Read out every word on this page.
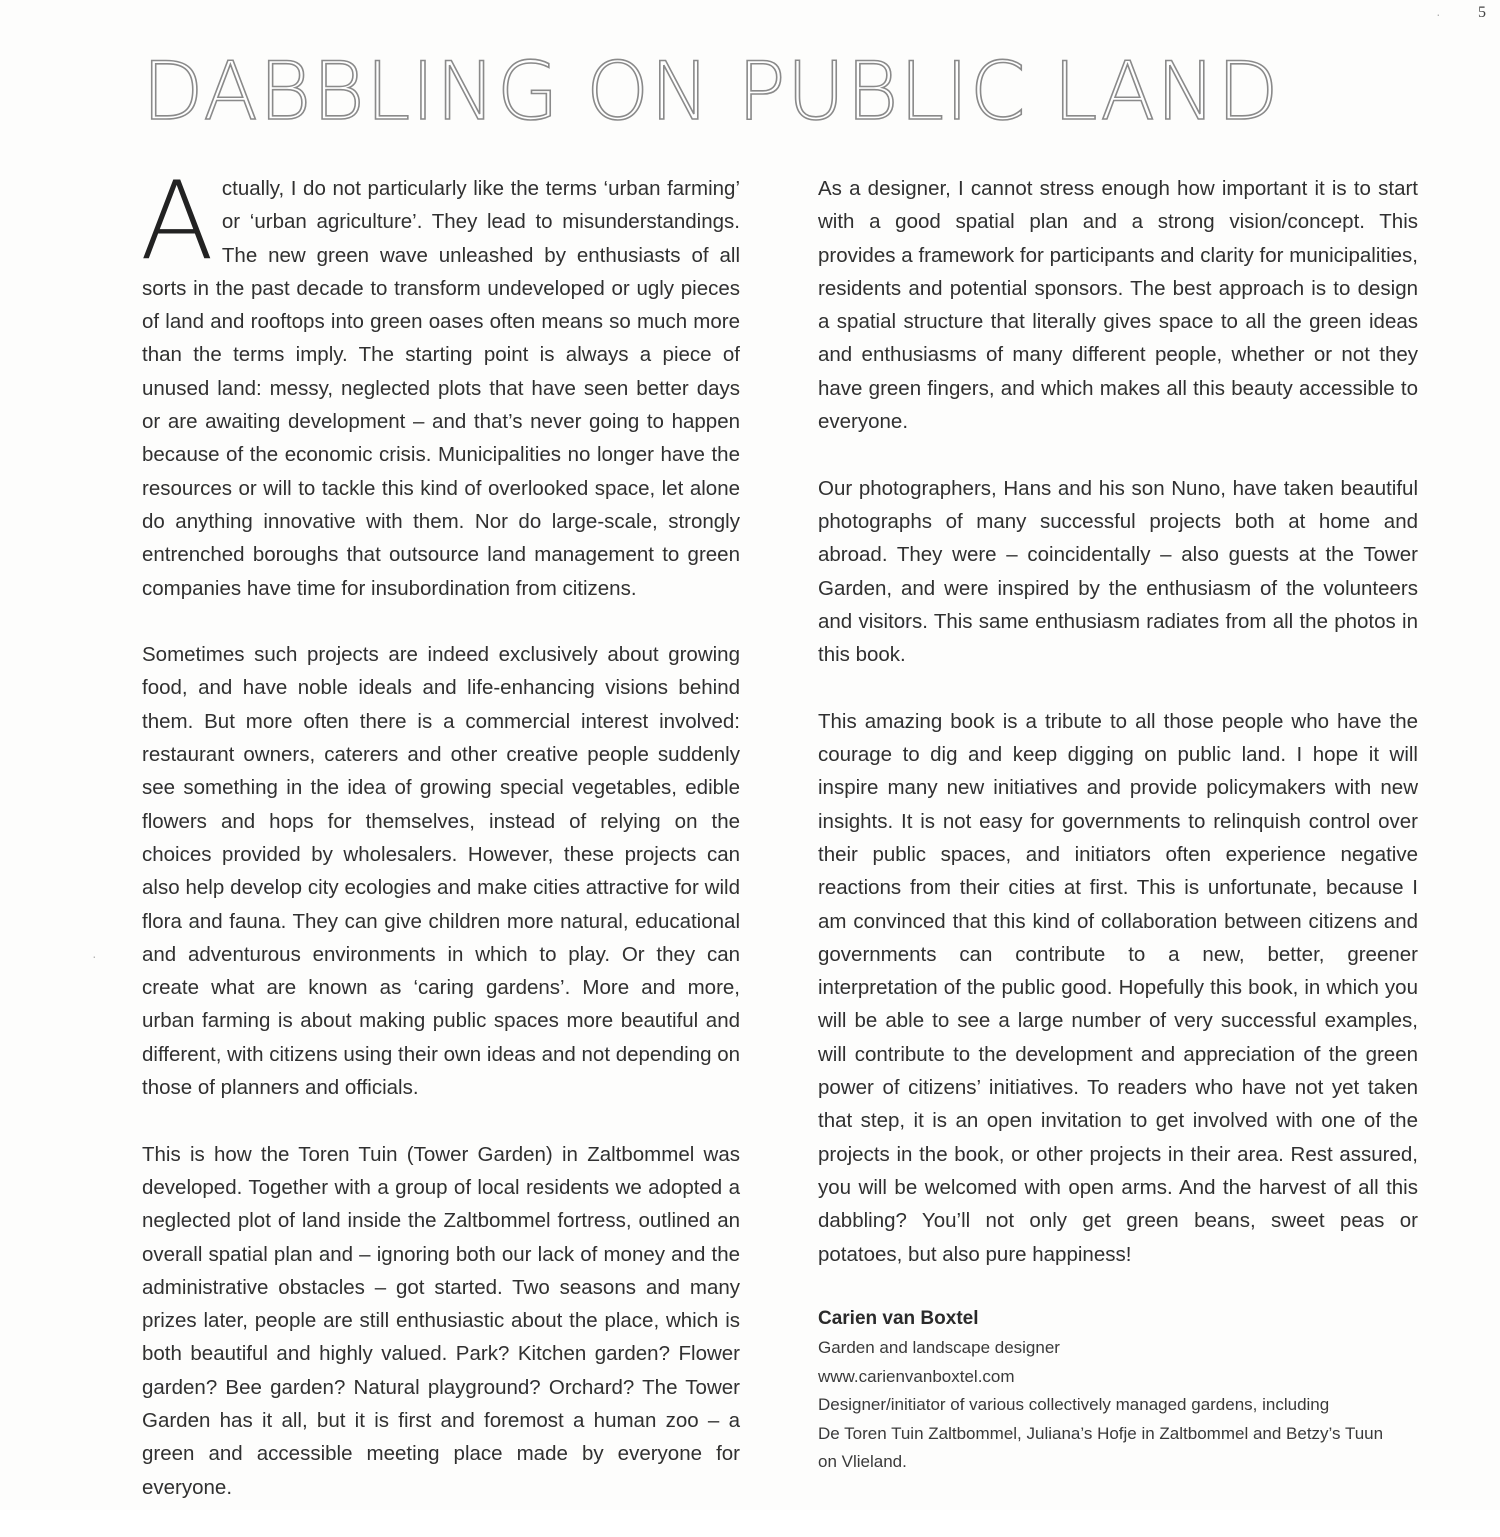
5
DABBLING ON PUBLIC LAND

Actually, I do not particularly like the terms ‘urban farming’ or ‘urban agriculture’. They lead to misunderstandings. The new green wave unleashed by enthusiasts of all sorts in the past decade to transform undeveloped or ugly pieces of land and rooftops into green oases often means so much more than the terms imply. The starting point is always a piece of unused land: messy, neglected plots that have seen better days or are awaiting development – and that’s never going to happen because of the economic crisis. Municipalities no longer have the resources or will to tackle this kind of overlooked space, let alone do anything innovative with them. Nor do large-scale, strongly entrenched boroughs that outsource land management to green companies have time for insubordination from citizens.

Sometimes such projects are indeed exclusively about growing food, and have noble ideals and life-enhancing visions behind them. But more often there is a commercial interest involved: restaurant owners, caterers and other creative people suddenly see something in the idea of growing special vegetables, edible flowers and hops for themselves, instead of relying on the choices provided by wholesalers. However, these projects can also help develop city ecologies and make cities attractive for wild flora and fauna. They can give children more natural, educational and adventurous environments in which to play. Or they can create what are known as ‘caring gardens’. More and more, urban farming is about making public spaces more beautiful and different, with citizens using their own ideas and not depending on those of planners and officials.

This is how the Toren Tuin (Tower Garden) in Zaltbommel was developed. Together with a group of local residents we adopted a neglected plot of land inside the Zaltbommel fortress, outlined an overall spatial plan and – ignoring both our lack of money and the administrative obstacles – got started. Two seasons and many prizes later, people are still enthusiastic about the place, which is both beautiful and highly valued. Park? Kitchen garden? Flower garden? Bee garden? Natural playground? Orchard? The Tower Garden has it all, but it is first and foremost a human zoo – a green and accessible meeting place made by everyone for everyone.

As a designer, I cannot stress enough how important it is to start with a good spatial plan and a strong vision/concept. This provides a framework for participants and clarity for municipalities, residents and potential sponsors. The best approach is to design a spatial structure that literally gives space to all the green ideas and enthusiasms of many different people, whether or not they have green fingers, and which makes all this beauty accessible to everyone.

Our photographers, Hans and his son Nuno, have taken beautiful photographs of many successful projects both at home and abroad. They were – coincidentally – also guests at the Tower Garden, and were inspired by the enthusiasm of the volunteers and visitors. This same enthusiasm radiates from all the photos in this book.

This amazing book is a tribute to all those people who have the courage to dig and keep digging on public land. I hope it will inspire many new initiatives and provide policymakers with new insights. It is not easy for governments to relinquish control over their public spaces, and initiators often experience negative reactions from their cities at first. This is unfortunate, because I am convinced that this kind of collaboration between citizens and governments can contribute to a new, better, greener interpretation of the public good. Hopefully this book, in which you will be able to see a large number of very successful examples, will contribute to the development and appreciation of the green power of citizens’ initiatives. To readers who have not yet taken that step, it is an open invitation to get involved with one of the projects in the book, or other projects in their area. Rest assured, you will be welcomed with open arms. And the harvest of all this dabbling? You’ll not only get green beans, sweet peas or potatoes, but also pure happiness!

Carien van Boxtel
Garden and landscape designer
www.carienvanboxtel.com
Designer/initiator of various collectively managed gardens, including
De Toren Tuin Zaltbommel, Juliana’s Hofje in Zaltbommel and Betzy’s Tuun
on Vlieland.
·
·
